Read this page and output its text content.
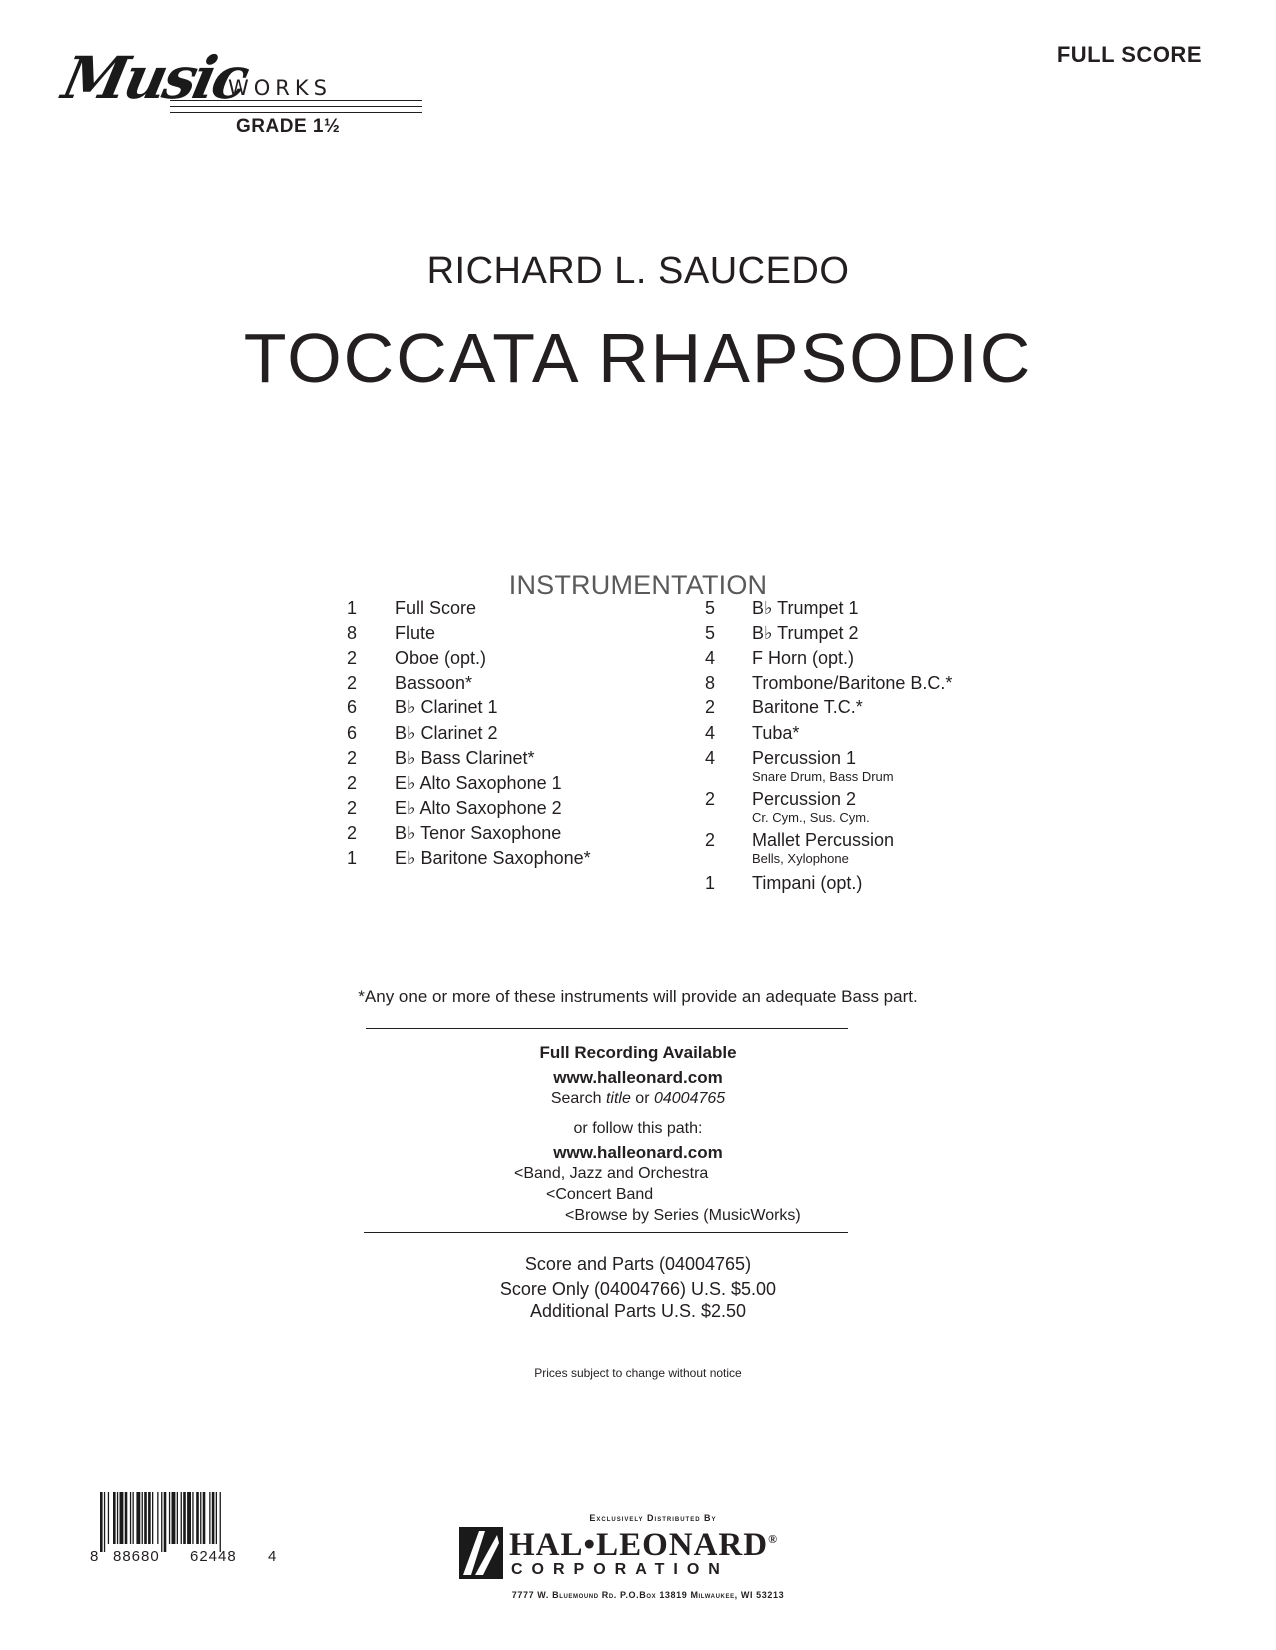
Music
WORKS
GRADE 1½
FULL SCORE
RICHARD L. SAUCEDO
TOCCATA RHAPSODIC
INSTRUMENTATION
1 Full Score
8 Flute
2 Oboe (opt.)
2 Bassoon*
6 B♭ Clarinet 1
6 B♭ Clarinet 2
2 B♭ Bass Clarinet*
2 E♭ Alto Saxophone 1
2 E♭ Alto Saxophone 2
2 B♭ Tenor Saxophone
1 E♭ Baritone Saxophone*
5 B♭ Trumpet 1
5 B♭ Trumpet 2
4 F Horn (opt.)
8 Trombone/Baritone B.C.*
2 Baritone T.C.*
4 Tuba*
4 Percussion 1
Snare Drum, Bass Drum
2 Percussion 2
Cr. Cym., Sus. Cym.
2 Mallet Percussion
Bells, Xylophone
1 Timpani (opt.)
*Any one or more of these instruments will provide an adequate Bass part.
Full Recording Available
www.halleonard.com
Search title or 04004765
or follow this path:
www.halleonard.com
<Band, Jazz and Orchestra
<Concert Band
<Browse by Series (MusicWorks)
Score and Parts (04004765)
Score Only (04004766) U.S. $5.00
Additional Parts U.S. $2.50
Prices subject to change without notice
8 88680 62448 4
Exclusively Distributed By
HAL•LEONARD®
CORPORATION
7777 W. Bluemound Rd. P.O.Box 13819 Milwaukee, WI 53213
